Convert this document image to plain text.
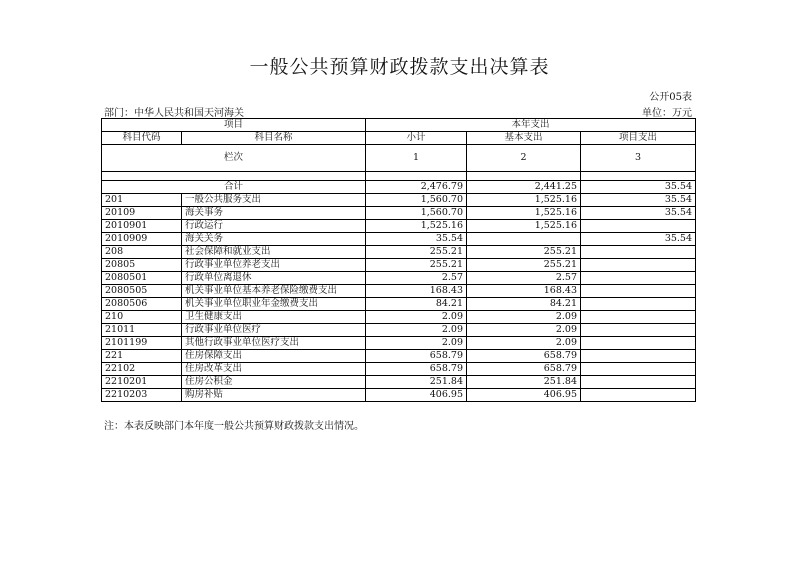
一般公共预算财政拨款支出决算表
公开05表
部门：中华人民共和国天河海关	单位：万元
项目		本年支出		
科目代码	科目名称	小计	基本支出	项目支出
栏次		1	2	3

合计		2,476.79	2,441.25	35.54
201	一般公共服务支出	1,560.70	1,525.16	35.54
20109	海关事务	1,560.70	1,525.16	35.54
2010901	行政运行	1,525.16	1,525.16	
2010909	海关关务	35.54		35.54
208	社会保障和就业支出	255.21	255.21	
20805	行政事业单位养老支出	255.21	255.21	
2080501	行政单位离退休	2.57	2.57	
2080505	机关事业单位基本养老保险缴费支出	168.43	168.43	
2080506	机关事业单位职业年金缴费支出	84.21	84.21	
210	卫生健康支出	2.09	2.09	
21011	行政事业单位医疗	2.09	2.09	
2101199	其他行政事业单位医疗支出	2.09	2.09	
221	住房保障支出	658.79	658.79	
22102	住房改革支出	658.79	658.79	
2210201	住房公积金	251.84	251.84	
2210203	购房补贴	406.95	406.95	
注：本表反映部门本年度一般公共预算财政拨款支出情况。
